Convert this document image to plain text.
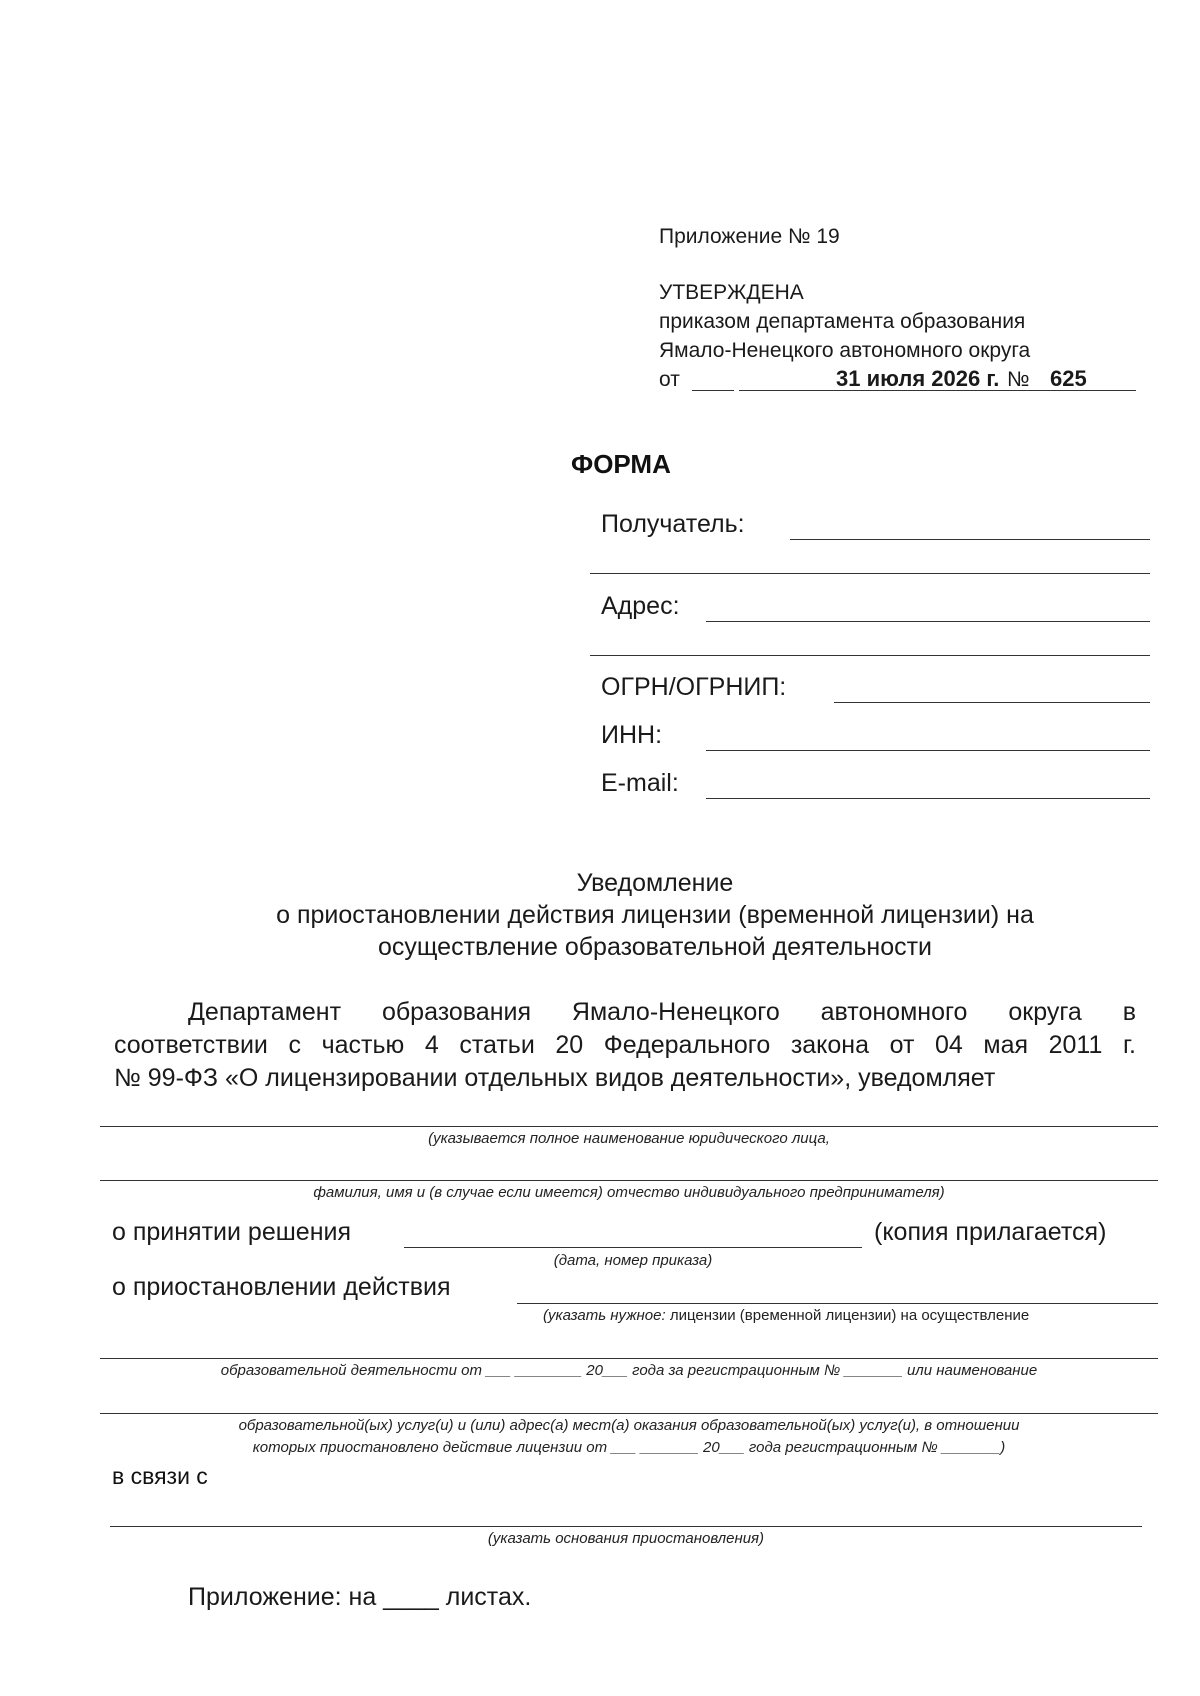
Приложение № 19
УТВЕРЖДЕНА
приказом департамента образования
Ямало-Ненецкого автономного округа
от	31 июля 2026 г. № 625
ФОРМА
Получатель:
Адрес:
ОГРН/ОГРНИП:
ИНН:
E-mail:
Уведомление
о приостановлении действия лицензии (временной лицензии) на
осуществление образовательной деятельности
Департамент образования Ямало-Ненецкого автономного округа в
соответствии с частью 4 статьи 20 Федерального закона от 04 мая 2011 г.
№ 99-ФЗ «О лицензировании отдельных видов деятельности», уведомляет
(указывается полное наименование юридического лица,
фамилия, имя и (в случае если имеется) отчество индивидуального предпринимателя)
о принятии решения	(копия прилагается)
(дата, номер приказа)
о приостановлении действия
(указать нужное: лицензии (временной лицензии) на осуществление
образовательной деятельности от ___ ________ 20___ года за регистрационным № _______ или наименование
образовательной(ых) услуг(и) и (или) адрес(а) мест(а) оказания образовательной(ых) услуг(и), в отношении
которых приостановлено действие лицензии от ___ _______ 20___ года регистрационным № _______)
в связи с
(указать основания приостановления)
Приложение: на ____ листах.
